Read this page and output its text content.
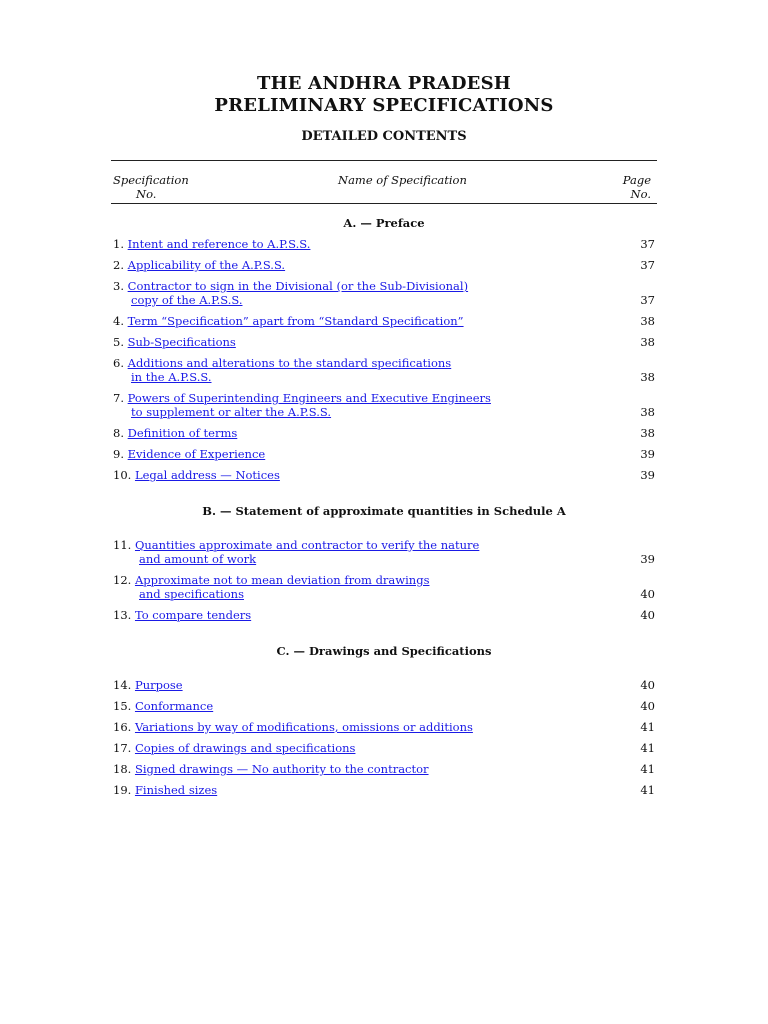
THE ANDHRA PRADESH
PRELIMINARY SPECIFICATIONS
DETAILED CONTENTS
Specification
No.
Name of Specification	Page
No.
A. — Preface
B. — Statement of approximate quantities in Schedule A
C. — Drawings and Specifications
1. Intent and reference to A.P.S.S.	37
2. Applicability of the A.P.S.S.	37
3. Contractor to sign in the Divisional (or the Sub-Divisional)
copy of the A.P.S.S.	37
4. Term “Specification” apart from “Standard Specification”	38
5. Sub-Specifications	38
6. Additions and alterations to the standard specifications
in the A.P.S.S.	38
7. Powers of Superintending Engineers and Executive Engineers
to supplement or alter the A.P.S.S.	38
8. Definition of terms	38
9. Evidence of Experience	39
10. Legal address — Notices	39
11. Quantities approximate and contractor to verify the nature
and amount of work	39
12. Approximate not to mean deviation from drawings
and specifications	40
13. To compare tenders	40
14. Purpose	40
15. Conformance	40
16. Variations by way of modifications, omissions or additions	41
17. Copies of drawings and specifications	41
18. Signed drawings — No authority to the contractor	41
19. Finished sizes	41
